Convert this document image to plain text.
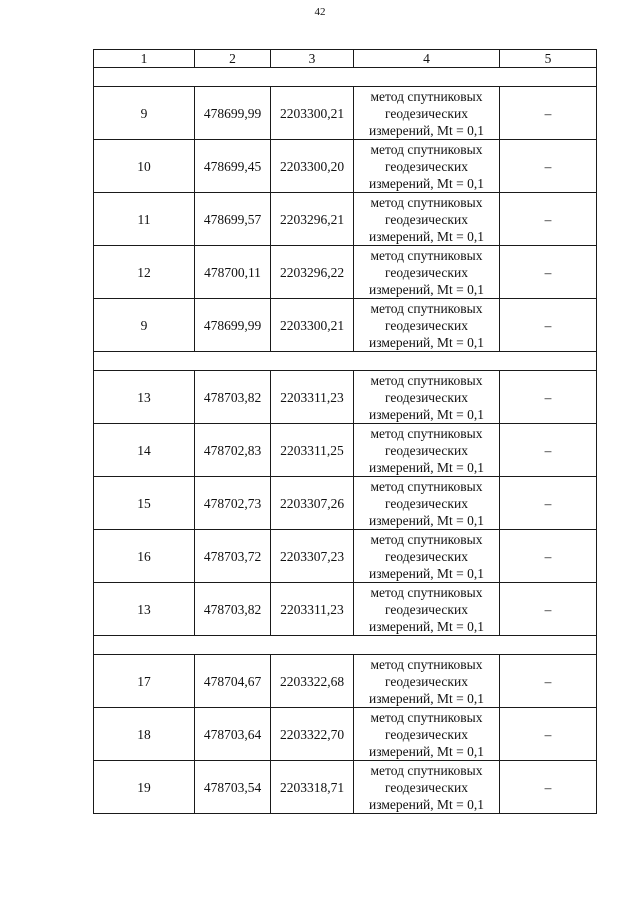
42
1	2	3	4	5

9	478699,99	2203300,21	метод спутниковых
геодезических
измерений, Mt = 0,1	–
10	478699,45	2203300,20	метод спутниковых
геодезических
измерений, Mt = 0,1	–
11	478699,57	2203296,21	метод спутниковых
геодезических
измерений, Mt = 0,1	–
12	478700,11	2203296,22	метод спутниковых
геодезических
измерений, Mt = 0,1	–
9	478699,99	2203300,21	метод спутниковых
геодезических
измерений, Mt = 0,1	–

13	478703,82	2203311,23	метод спутниковых
геодезических
измерений, Mt = 0,1	–
14	478702,83	2203311,25	метод спутниковых
геодезических
измерений, Mt = 0,1	–
15	478702,73	2203307,26	метод спутниковых
геодезических
измерений, Mt = 0,1	–
16	478703,72	2203307,23	метод спутниковых
геодезических
измерений, Mt = 0,1	–
13	478703,82	2203311,23	метод спутниковых
геодезических
измерений, Mt = 0,1	–

17	478704,67	2203322,68	метод спутниковых
геодезических
измерений, Mt = 0,1	–
18	478703,64	2203322,70	метод спутниковых
геодезических
измерений, Mt = 0,1	–
19	478703,54	2203318,71	метод спутниковых
геодезических
измерений, Mt = 0,1	–
